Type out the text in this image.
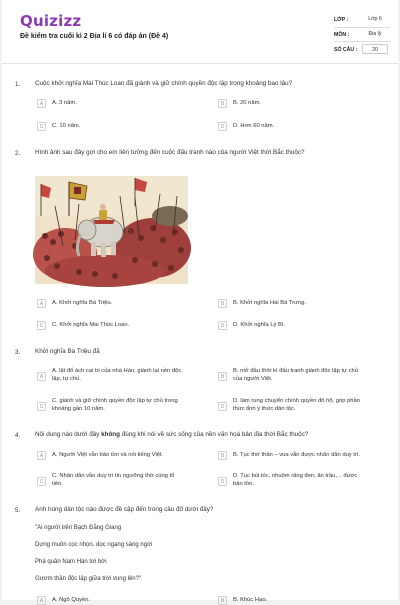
Quizizz
Đề kiểm tra cuối kì 2 Địa lí 6 có đáp án (Đề 4)
LỚP :	Lớp 6
MÔN :	Địa lý
SỐ CÂU :	20
1. Cuộc khởi nghĩa Mai Thúc Loan đã giành và giữ chính quyền độc lập trong khoảng bao lâu?
A	A. 3 năm.	B	B. 20 năm.
C	C. 10 năm.	D	D. Hơn 60 năm.
2. Hình ảnh sau đây gợi cho em liên tưởng đến cuộc đấu tranh nào của người Việt thời Bắc thuộc?
A	A. Khởi nghĩa Bà Triệu.	B	B. Khởi nghĩa Hai Bà Trưng.
C	C. Khởi nghĩa Mai Thúc Loan.	D	D. Khởi nghĩa Lý Bí.
3. Khởi nghĩa Bà Triệu đã
A
A. lật đổ ách cai trị của nhà Hán, giành lại nền độc
lập, tự chủ.	B
B. mở đầu thời kì đấu tranh giành độc lập tự chủ
của người Việt.
C
C. giành và giữ chính quyền độc lập tự chủ trong
khoảng gần 10 năm.	D
D. làm rung chuyển chính quyền đô hộ, góp phần
thức tỉnh ý thức dân tộc.
4. Nội dung nào dưới đây không đúng khi nói về sức sống của nền văn hoá bản địa thời Bắc thuộc?
A	A. Người Việt vẫn bảo tồn và nói tiếng Việt.	B	B. Tục thờ thần – vua vẫn được nhân dân duy trì.
C
C. Nhân dân vẫn duy trì tín ngưỡng thờ cúng tổ
tiên.	D
D. Tục búi tóc, nhuộm răng đen, ăn trầu,... được
bảo tồn.
5. Anh hùng dân tộc nào được đề cập đến trong câu đố dưới đây?
"Ai người trên Bạch Đằng Giang
Dựng muôn cọc nhọn, dọc ngang sáng ngời
Phá quân Nam Hán tơi bời
Gươm thần độc lập giữa trời vung lên?"
A	A. Ngô Quyền.	B	B. Khúc Hạo.
